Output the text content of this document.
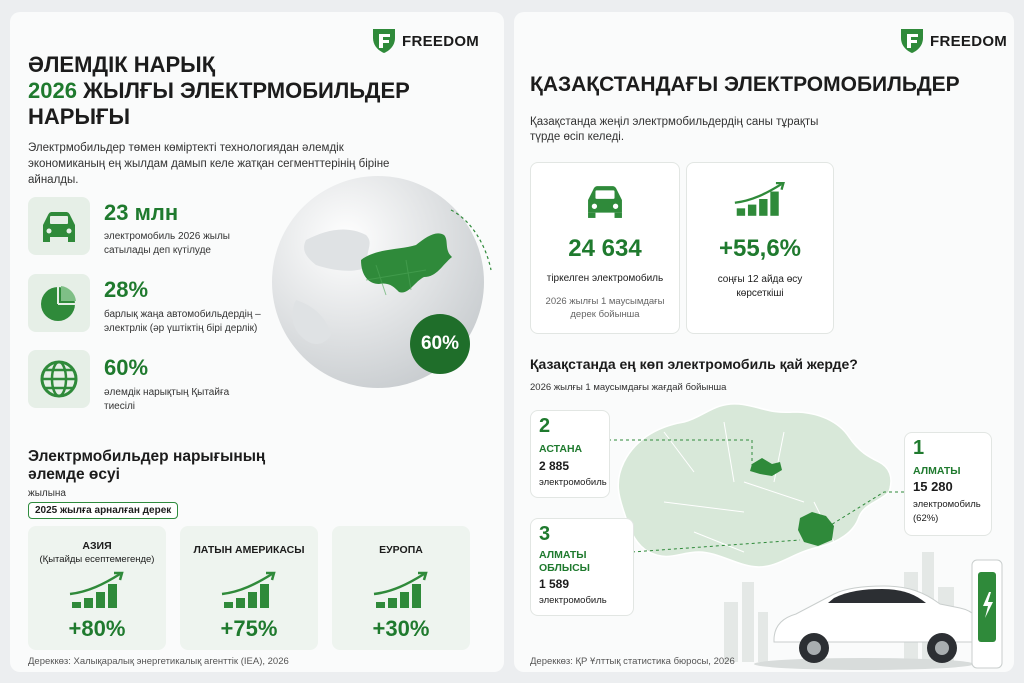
FREEDOM
ӘЛЕМДІК НАРЫҚ
2026 ЖЫЛҒЫ ЭЛЕКТРМОБИЛЬДЕР
НАРЫҒЫ
Электрмобильдер төмен көміртекті технологиядан әлемдік экономиканың ең жылдам дамып келе жатқан сегменттерінің біріне айналды.
23 млн
электромобиль 2026 жылы сатылады деп күтілуде
28%
барлық жаңа автомобильдердің – электрлік (әр үштіктің бірі дерлік)
60%
әлемдік нарықтың Қытайға тиесілі
60%
Электрмобильдер нарығының әлемде өсуі
жылына
2025 жылға арналған дерек
АЗИЯ
(Қытайды есептемегенде)
+80%
ЛАТЫН АМЕРИКАСЫ
+75%
ЕУРОПА
+30%
Дереккөз: Халықаралық энергетикалық агенттік (IEA), 2026
FREEDOM
ҚАЗАҚСТАНДАҒЫ ЭЛЕКТРОМОБИЛЬДЕР
Қазақстанда жеңіл электрмобильдердің саны тұрақты түрде өсіп келеді.
24 634
тіркелген электромобиль
2026 жылғы 1 маусымдағы дерек бойынша
+55,6%
соңғы 12 айда өсу көрсеткіші
Қазақстанда ең көп электромобиль қай жерде?
2026 жылғы 1 маусымдағы жағдай бойынша
2
АСТАНА
2 885
электромобиль
1
АЛМАТЫ
15 280
электромобиль
(62%)
3
АЛМАТЫ
ОБЛЫСЫ
1 589
электромобиль
Дереккөз: ҚР Ұлттық статистика бюросы, 2026
